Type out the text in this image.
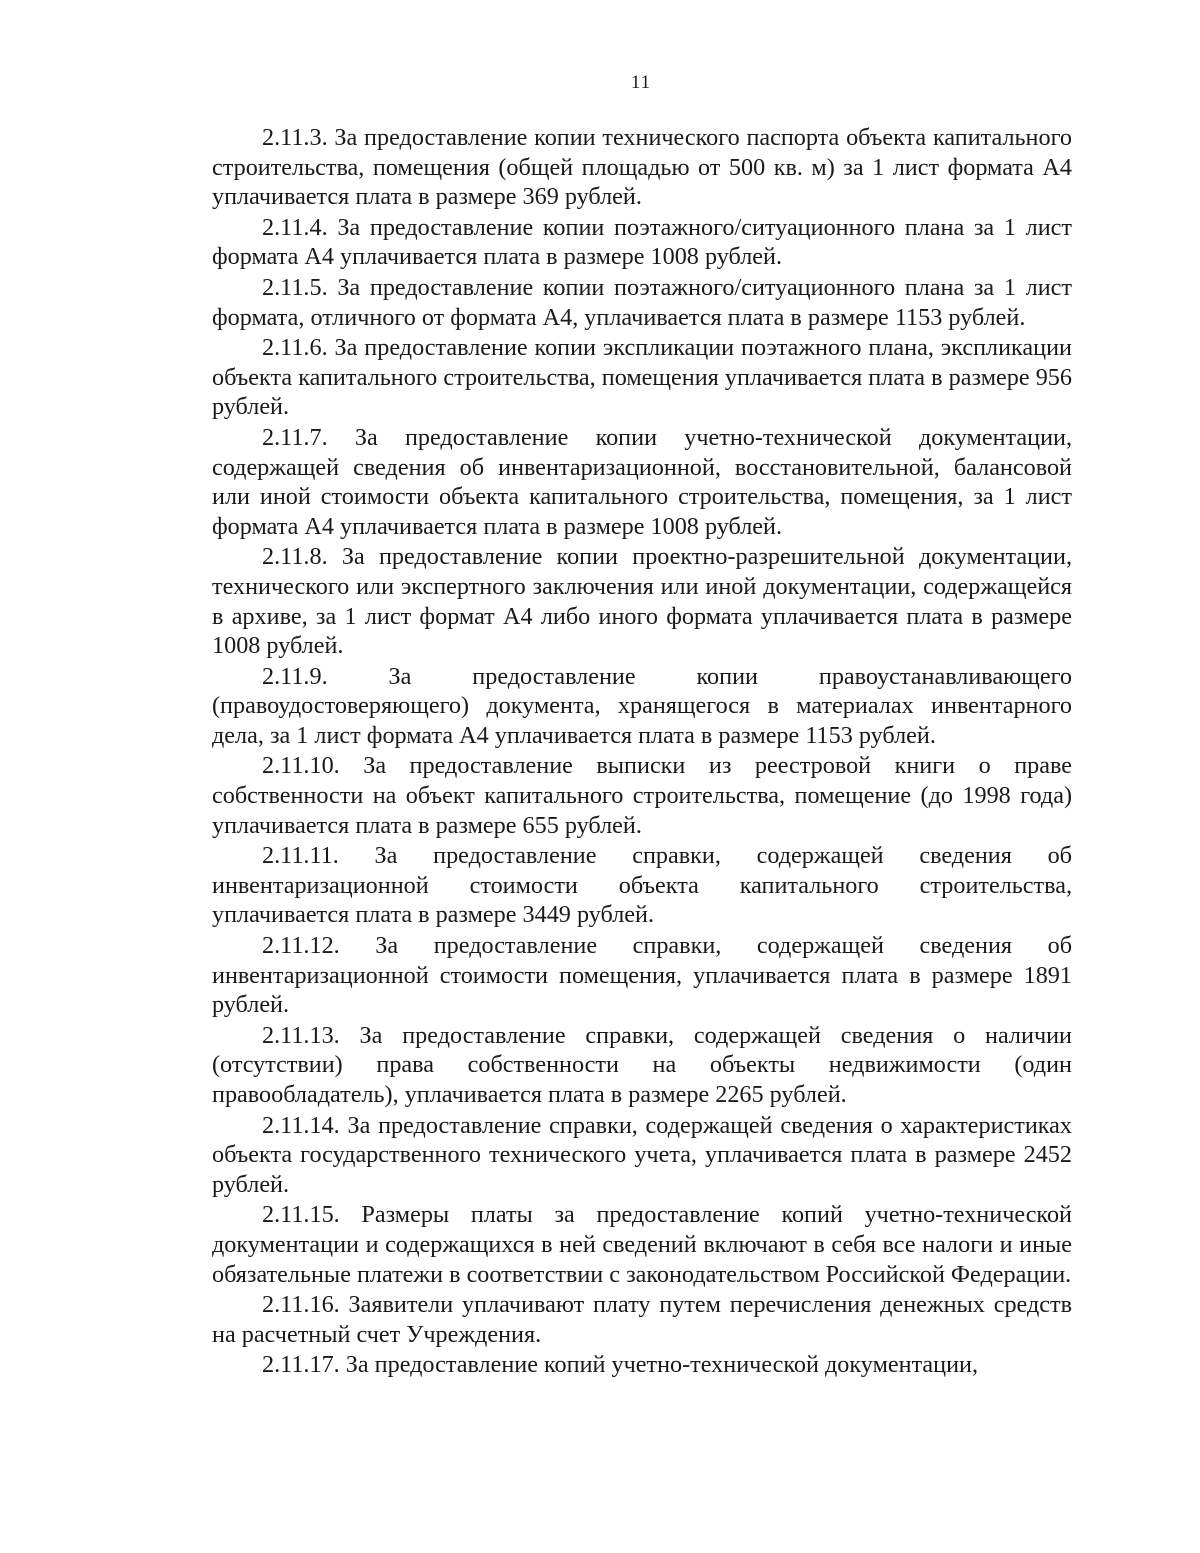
11

2.11.3. За предоставление копии технического паспорта объекта капитального строительства, помещения (общей площадью от 500 кв. м) за 1 лист формата А4 уплачивается плата в размере 369 рублей.

2.11.4. За предоставление копии поэтажного/ситуационного плана за 1 лист формата А4 уплачивается плата в размере 1008 рублей.

2.11.5. За предоставление копии поэтажного/ситуационного плана за 1 лист формата, отличного от формата А4, уплачивается плата в размере 1153 рублей.

2.11.6. За предоставление копии экспликации поэтажного плана, экспликации объекта капитального строительства, помещения уплачивается плата в размере 956 рублей.

2.11.7. За предоставление копии учетно-технической документации, содержащей сведения об инвентаризационной, восстановительной, балансовой или иной стоимости объекта капитального строительства, помещения, за 1 лист формата А4 уплачивается плата в размере 1008 рублей.

2.11.8. За предоставление копии проектно-разрешительной документации, технического или экспертного заключения или иной документации, содержащейся в архиве, за 1 лист формат А4 либо иного формата уплачивается плата в размере 1008 рублей.

2.11.9. За предоставление копии правоустанавливающего (правоудостоверяющего) документа, хранящегося в материалах инвентарного дела, за 1 лист формата А4 уплачивается плата в размере 1153 рублей.

2.11.10. За предоставление выписки из реестровой книги о праве собственности на объект капитального строительства, помещение (до 1998 года) уплачивается плата в размере 655 рублей.

2.11.11. За предоставление справки, содержащей сведения об инвентаризационной стоимости объекта капитального строительства, уплачивается плата в размере 3449 рублей.

2.11.12. За предоставление справки, содержащей сведения об инвентаризационной стоимости помещения, уплачивается плата в размере 1891 рублей.

2.11.13. За предоставление справки, содержащей сведения о наличии (отсутствии) права собственности на объекты недвижимости (один правообладатель), уплачивается плата в размере 2265 рублей.

2.11.14. За предоставление справки, содержащей сведения о характеристиках объекта государственного технического учета, уплачивается плата в размере 2452 рублей.

2.11.15. Размеры платы за предоставление копий учетно-технической документации и содержащихся в ней сведений включают в себя все налоги и иные обязательные платежи в соответствии с законодательством Российской Федерации.

2.11.16. Заявители уплачивают плату путем перечисления денежных средств на расчетный счет Учреждения.

2.11.17. За предоставление копий учетно-технической документации,
